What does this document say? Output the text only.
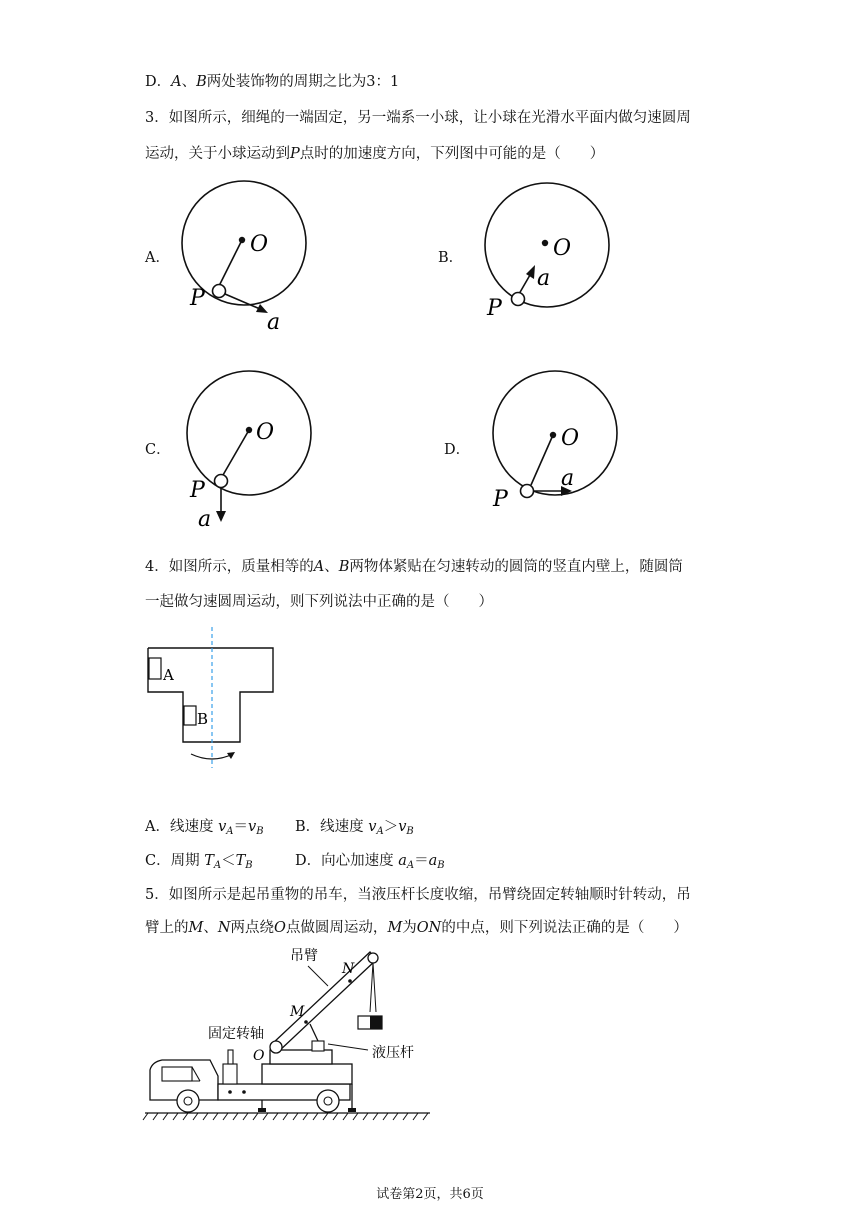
D．A、B两处装饰物的周期之比为3：1
3．如图所示，细绳的一端固定，另一端系一小球，让小球在光滑水平面内做匀速圆周
运动，关于小球运动到P点时的加速度方向，下列图中可能的是（　　）
A．
O
P
a
B．	O
a
P
C．
O
P
a
D．	O
a
P
4．如图所示，质量相等的A、B两物体紧贴在匀速转动的圆筒的竖直内壁上，随圆筒
一起做匀速圆周运动，则下列说法中正确的是（　　）
A
B
A．线速度 $v_A=v_B$ B．线速度 $v_A>v_B$
C．周期 $T_A<T_B$	D．向心加速度 $a_A=a_B$
5．如图所示是起吊重物的吊车，当液压杆长度收缩，吊臂绕固定转轴顺时针转动，吊
臂上的M、N两点绕O点做圆周运动，M为ON的中点，则下列说法正确的是（　　）
吊臂
N
M
固定转轴
O	液压杆
试卷第2页，共6页
